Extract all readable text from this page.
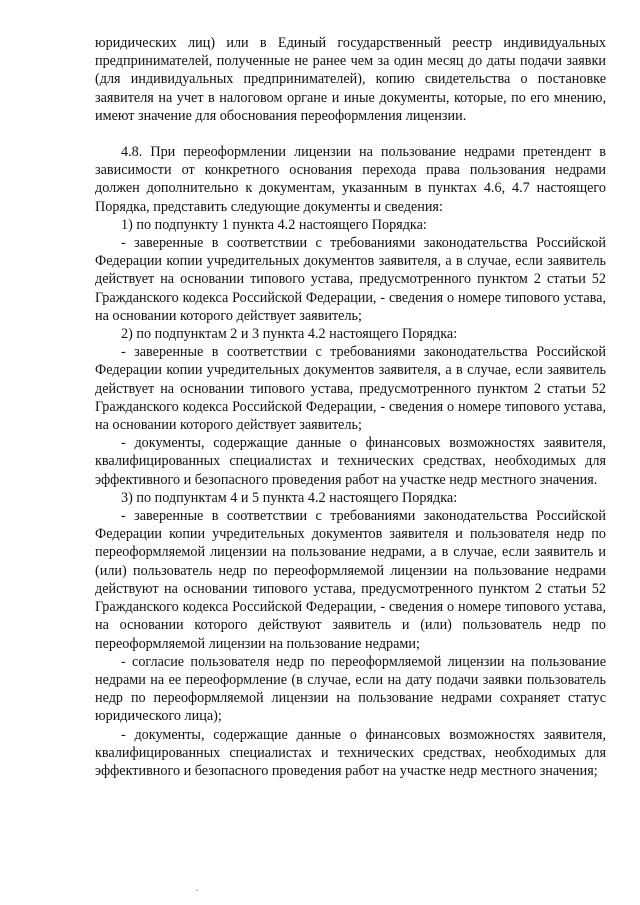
юридических лиц) или в Единый государственный реестр индивидуальных предпринимателей, полученные не ранее чем за один месяц до даты подачи заявки (для индивидуальных предпринимателей), копию свидетельства о постановке заявителя на учет в налоговом органе и иные документы, которые, по его мнению, имеют значение для обоснования переоформления лицензии.

4.8. При переоформлении лицензии на пользование недрами претендент в зависимости от конкретного основания перехода права пользования недрами должен дополнительно к документам, указанным в пунктах 4.6, 4.7 настоящего Порядка, представить следующие документы и сведения:

1) по подпункту 1 пункта 4.2 настоящего Порядка:

- заверенные в соответствии с требованиями законодательства Российской Федерации копии учредительных документов заявителя, а в случае, если заявитель действует на основании типового устава, предусмотренного пунктом 2 статьи 52 Гражданского кодекса Российской Федерации, - сведения о номере типового устава, на основании которого действует заявитель;

2) по подпунктам 2 и 3 пункта 4.2 настоящего Порядка:

- заверенные в соответствии с требованиями законодательства Российской Федерации копии учредительных документов заявителя, а в случае, если заявитель действует на основании типового устава, предусмотренного пунктом 2 статьи 52 Гражданского кодекса Российской Федерации, - сведения о номере типового устава, на основании которого действует заявитель;

- документы, содержащие данные о финансовых возможностях заявителя, квалифицированных специалистах и технических средствах, необходимых для эффективного и безопасного проведения работ на участке недр местного значения.

3) по подпунктам 4 и 5 пункта 4.2 настоящего Порядка:

- заверенные в соответствии с требованиями законодательства Российской Федерации копии учредительных документов заявителя и пользователя недр по переоформляемой лицензии на пользование недрами, а в случае, если заявитель и (или) пользователь недр по переоформляемой лицензии на пользование недрами действуют на основании типового устава, предусмотренного пунктом 2 статьи 52 Гражданского кодекса Российской Федерации, - сведения о номере типового устава, на основании которого действуют заявитель и (или) пользователь недр по переоформляемой лицензии на пользование недрами;

- согласие пользователя недр по переоформляемой лицензии на пользование недрами на ее переоформление (в случае, если на дату подачи заявки пользователь недр по переоформляемой лицензии на пользование недрами сохраняет статус юридического лица);

- документы, содержащие данные о финансовых возможностях заявителя, квалифицированных специалистах и технических средствах, необходимых для эффективного и безопасного проведения работ на участке недр местного значения;
